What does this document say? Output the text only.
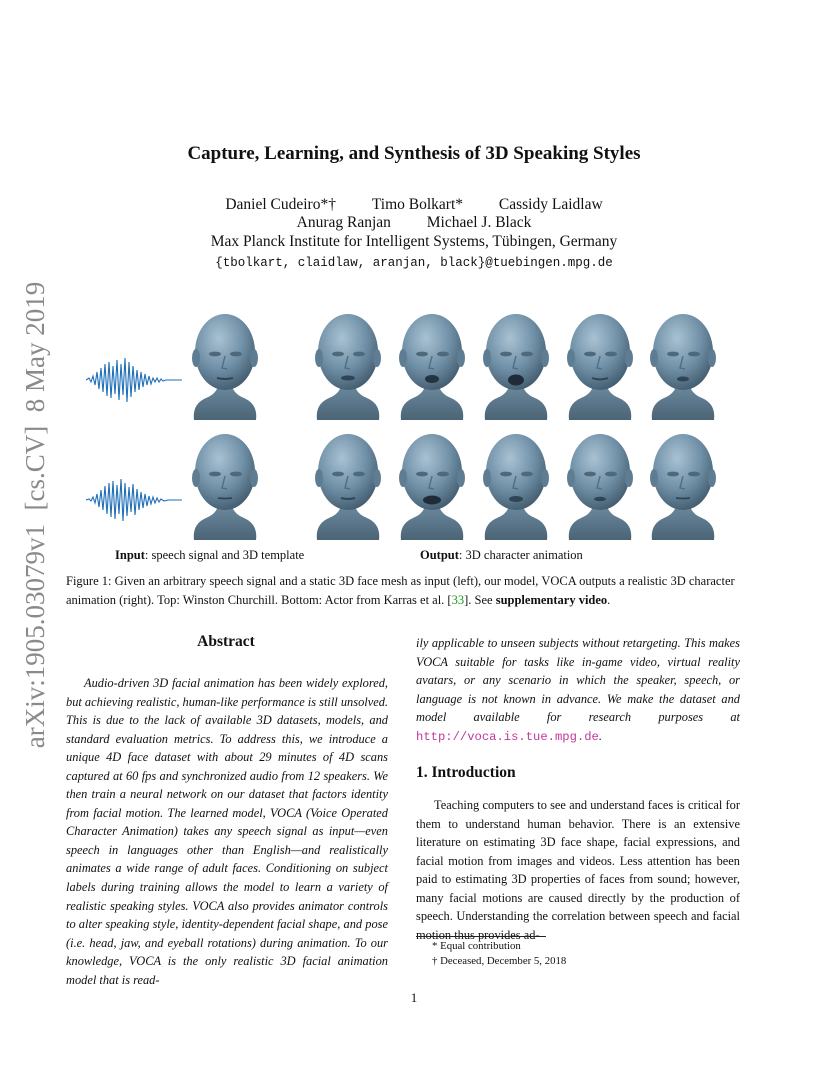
arXiv:1905.03079v1  [cs.CV]  8 May 2019
Capture, Learning, and Synthesis of 3D Speaking Styles
Daniel Cudeiro*† Timo Bolkart* Cassidy Laidlaw
Anurag Ranjan Michael J. Black
Max Planck Institute for Intelligent Systems, Tübingen, Germany
{tbolkart, claidlaw, aranjan, black}@tuebingen.mpg.de
Input: speech signal and 3D template	Output: 3D character animation
Figure 1: Given an arbitrary speech signal and a static 3D face mesh as input (left), our model, VOCA outputs a realistic 3D character animation (right). Top: Winston Churchill. Bottom: Actor from Karras et al. [33]. See supplementary video.
Abstract
Audio-driven 3D facial animation has been widely explored, but achieving realistic, human-like performance is still unsolved. This is due to the lack of available 3D datasets, models, and standard evaluation metrics. To address this, we introduce a unique 4D face dataset with about 29 minutes of 4D scans captured at 60 fps and synchronized audio from 12 speakers. We then train a neural network on our dataset that factors identity from facial motion. The learned model, VOCA (Voice Operated Character Animation) takes any speech signal as input—even speech in languages other than English—and realistically animates a wide range of adult faces. Conditioning on subject labels during training allows the model to learn a variety of realistic speaking styles. VOCA also provides animator controls to alter speaking style, identity-dependent facial shape, and pose (i.e. head, jaw, and eyeball rotations) during animation. To our knowledge, VOCA is the only realistic 3D facial animation model that is read-
ily applicable to unseen subjects without retargeting. This makes VOCA suitable for tasks like in-game video, virtual reality avatars, or any scenario in which the speaker, speech, or language is not known in advance. We make the dataset and model available for research purposes at http://voca.is.tue.mpg.de.
1. Introduction
Teaching computers to see and understand faces is critical for them to understand human behavior. There is an extensive literature on estimating 3D face shape, facial expressions, and facial motion from images and videos. Less attention has been paid to estimating 3D properties of faces from sound; however, many facial motions are caused directly by the production of speech. Understanding the correlation between speech and facial motion thus provides ad-
* Equal contribution
† Deceased, December 5, 2018
1
